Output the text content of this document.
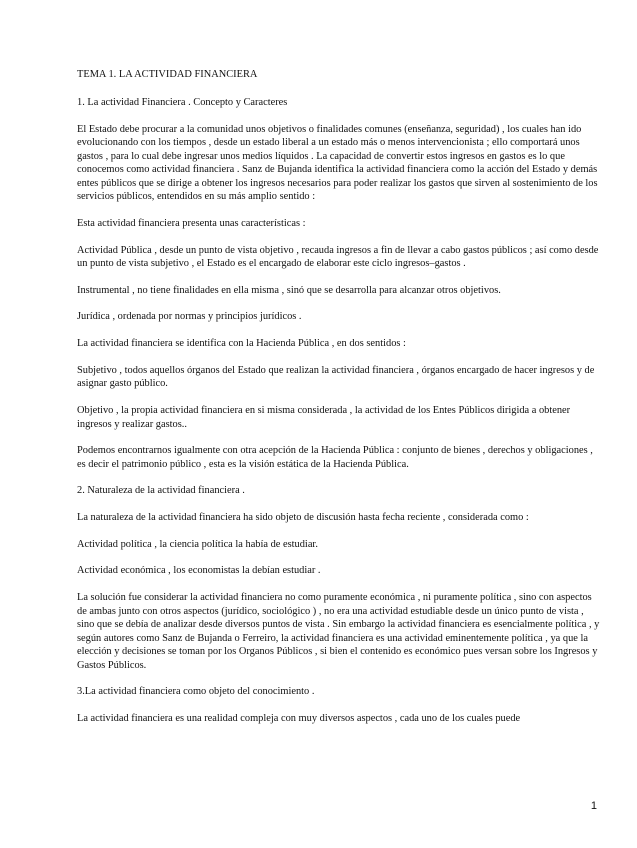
TEMA 1. LA ACTIVIDAD FINANCIERA

1. La actividad Financiera . Concepto y Caracteres

El Estado debe procurar a la comunidad unos objetivos o finalidades comunes (enseñanza, seguridad) , los cuales han ido evolucionando con los tiempos , desde un estado liberal a un estado más o menos intervencionista ; ello comportará unos gastos , para lo cual debe ingresar unos medios líquidos . La capacidad de convertir estos ingresos en gastos es lo que conocemos como actividad financiera . Sanz de Bujanda identifica la actividad financiera como la acción del Estado y demás entes públicos que se dirige a obtener los ingresos necesarios para poder realizar los gastos que sirven al sostenimiento de los servicios públicos, entendidos en su más amplio sentido :

Esta actividad financiera presenta unas características :

Actividad Pública , desde un punto de vista objetivo , recauda ingresos a fin de llevar a cabo gastos públicos ; así como desde un punto de vista subjetivo , el Estado es el encargado de elaborar este ciclo ingresos–gastos .

Instrumental , no tiene finalidades en ella misma , sinó que se desarrolla para alcanzar otros objetivos.

Jurídica , ordenada por normas y principios jurídicos .

La actividad financiera se identifica con la Hacienda Pública , en dos sentidos :

Subjetivo , todos aquellos órganos del Estado que realizan la actividad financiera , órganos encargado de hacer ingresos y de asignar gasto público.

Objetivo , la propia actividad financiera en si misma considerada , la actividad de los Entes Públicos dirigida a obtener ingresos y realizar gastos..

Podemos encontrarnos igualmente con otra acepción de la Hacienda Pública : conjunto de bienes , derechos y obligaciones , es decir el patrimonio público , esta es la visión estática de la Hacienda Pública.

2. Naturaleza de la actividad financiera .

La naturaleza de la actividad financiera ha sido objeto de discusión hasta fecha reciente , considerada como :

Actividad política , la ciencia política la había de estudiar.

Actividad económica , los economistas la debían estudiar .

La solución fue considerar la actividad financiera no como puramente económica , ni puramente política , sino con aspectos de ambas junto con otros aspectos (jurídico, sociológico ) , no era una actividad estudiable desde un único punto de vista , sino que se debía de analizar desde diversos puntos de vista . Sin embargo la actividad financiera es esencialmente política , y según autores como Sanz de Bujanda o Ferreiro, la actividad financiera es una actividad eminentemente política , ya que la elección y decisiones se toman por los Organos Públicos , si bien el contenido es económico pues versan sobre los Ingresos y Gastos Públicos.

3.La actividad financiera como objeto del conocimiento .

La actividad financiera es una realidad compleja con muy diversos aspectos , cada uno de los cuales puede

1
